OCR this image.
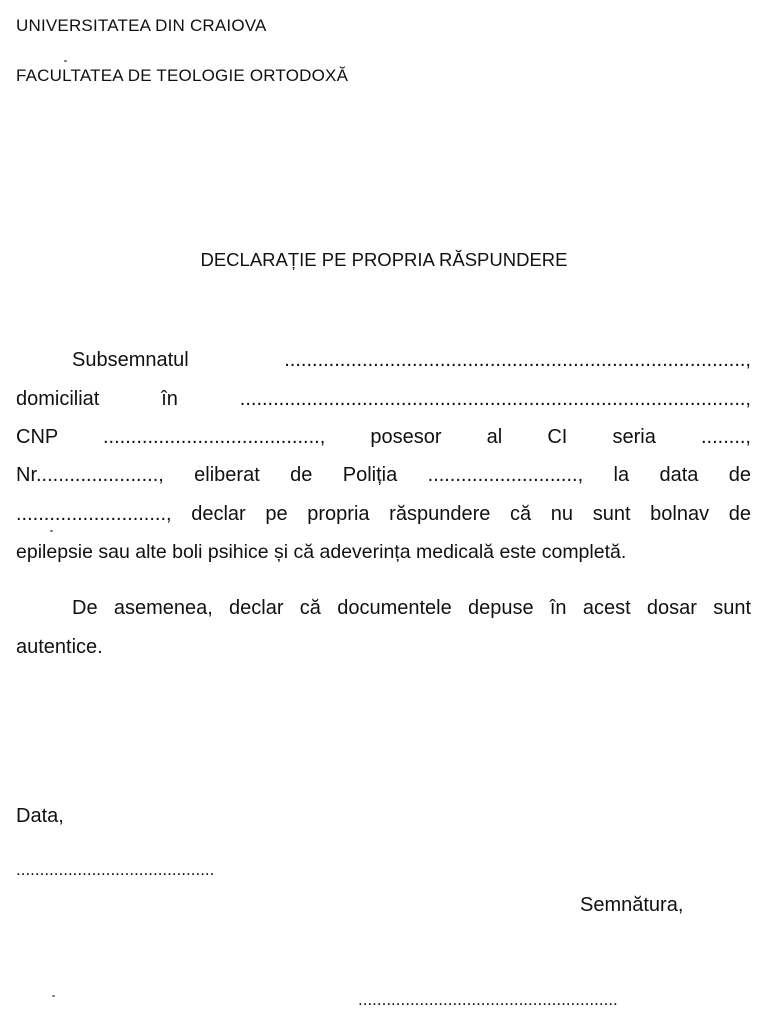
UNIVERSITATEA DIN CRAIOVA
FACULTATEA DE TEOLOGIE ORTODOXĂ
DECLARAȚIE PE PROPRIA RĂSPUNDERE
Subsemnatul ...................................................................................,
domiciliat în ...........................................................................................,
CNP ......................................., posesor al CI seria ........,
Nr......................, eliberat de Poliția ..........................., la data de
..........................., declar pe propria răspundere că nu sunt bolnav de
epilepsie sau alte boli psihice și că adeverința medicală este completă.
De asemenea, declar că documentele depuse în acest dosar sunt
autentice.
Data,
..........................................
Semnătura,
.......................................................
